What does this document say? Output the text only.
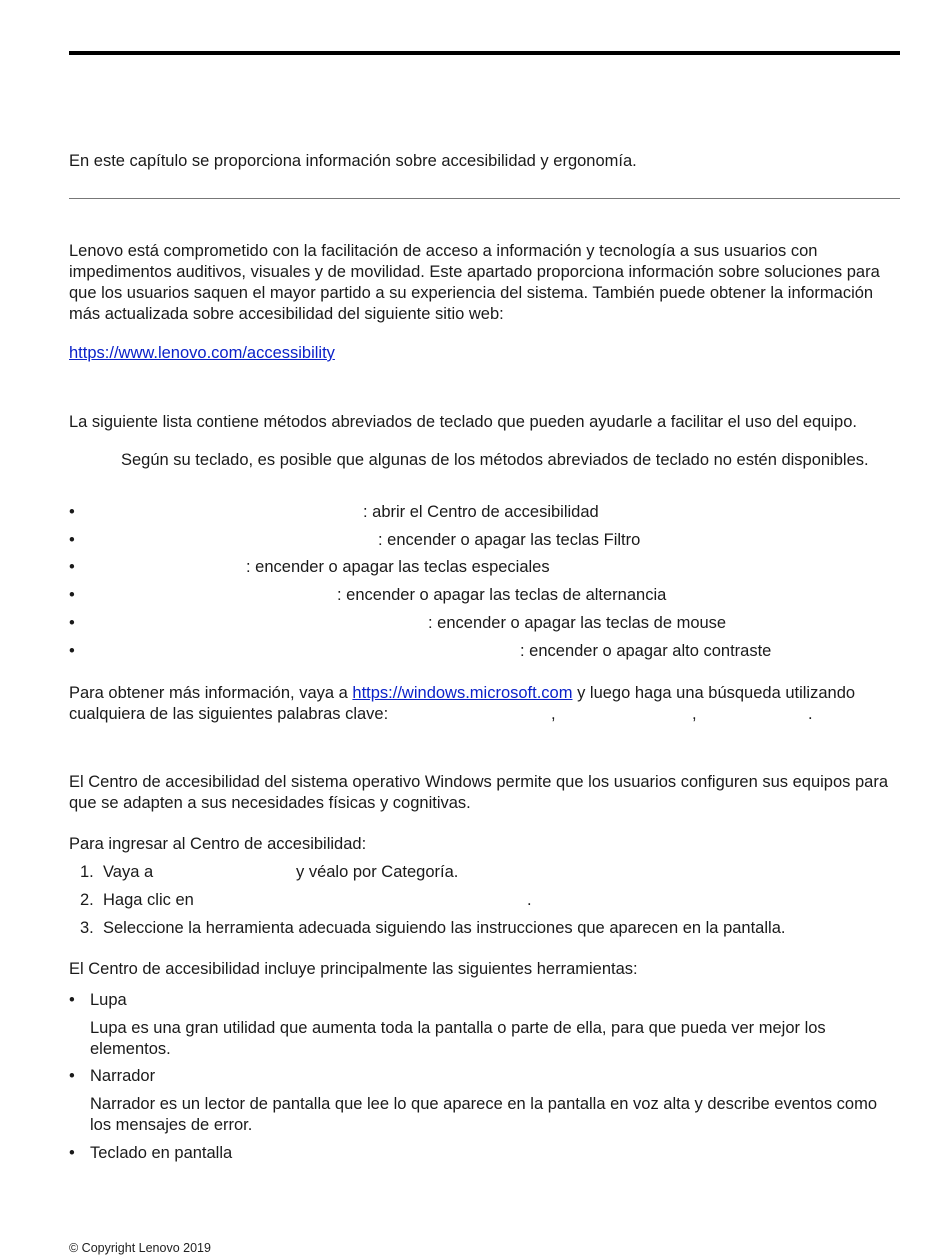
En este capítulo se proporciona información sobre accesibilidad y ergonomía.

Lenovo está comprometido con la facilitación de acceso a información y tecnología a sus usuarios con impedimentos auditivos, visuales y de movilidad. Este apartado proporciona información sobre soluciones para que los usuarios saquen el mayor partido a su experiencia del sistema. También puede obtener la información más actualizada sobre accesibilidad del siguiente sitio web:

https://www.lenovo.com/accessibility

La siguiente lista contiene métodos abreviados de teclado que pueden ayudarle a facilitar el uso del equipo.

Según su teclado, es posible que algunas de los métodos abreviados de teclado no estén disponibles.

•	: abrir el Centro de accesibilidad
•	: encender o apagar las teclas Filtro
•	: encender o apagar las teclas especiales
•	: encender o apagar las teclas de alternancia
•	: encender o apagar las teclas de mouse
•	: encender o apagar alto contraste
Para obtener más información, vaya a https://windows.microsoft.com y luego haga una búsqueda utilizando
cualquiera de las siguientes palabras clave:	,	,	.

El Centro de accesibilidad del sistema operativo Windows permite que los usuarios configuren sus equipos para que se adapten a sus necesidades físicas y cognitivas.

Para ingresar al Centro de accesibilidad:

1. Vaya a	y véalo por Categoría.
2. Haga clic en	.
3. Seleccione la herramienta adecuada siguiendo las instrucciones que aparecen en la pantalla.

El Centro de accesibilidad incluye principalmente las siguientes herramientas:

• Lupa

Lupa es una gran utilidad que aumenta toda la pantalla o parte de ella, para que pueda ver mejor los elementos.

• Narrador

Narrador es un lector de pantalla que lee lo que aparece en la pantalla en voz alta y describe eventos como los mensajes de error.

• Teclado en pantalla
© Copyright Lenovo 2019
